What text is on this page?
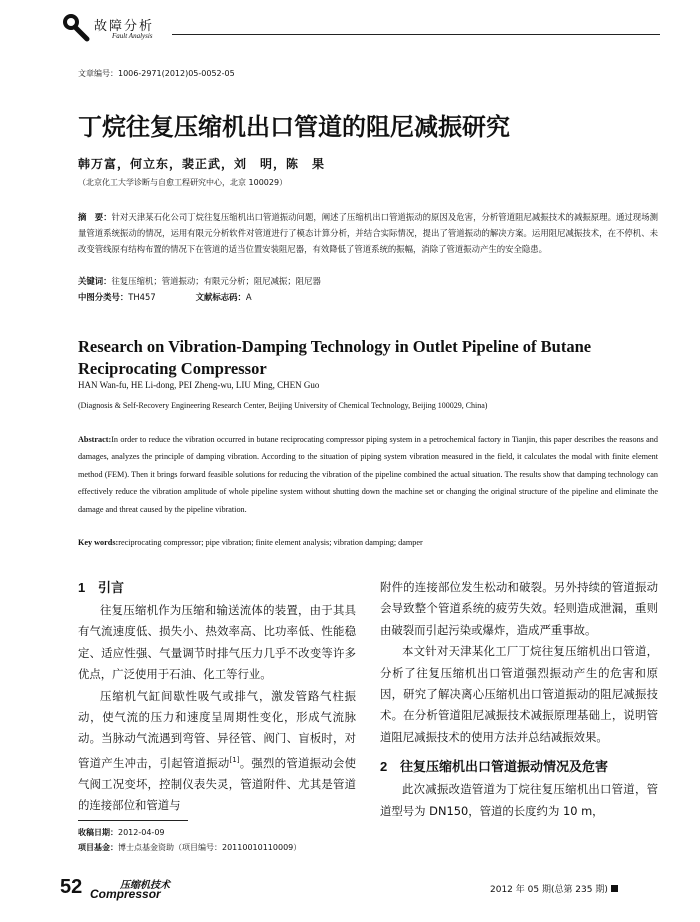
故障分析
Fault Analysis
文章编号：1006-2971(2012)05-0052-05
丁烷往复压缩机出口管道的阻尼减振研究
韩万富，何立东，裴正武，刘　明，陈　果
（北京化工大学诊断与自愈工程研究中心，北京 100029）
摘　要：针对天津某石化公司丁烷往复压缩机出口管道振动问题，阐述了压缩机出口管道振动的原因及危害，分析管道阻尼减振技术的减振原理。通过现场测量管道系统振动的情况，运用有限元分析软件对管道进行了模态计算分析，并结合实际情况，提出了管道振动的解决方案。运用阻尼减振技术，在不停机、未改变管线原有结构布置的情况下在管道的适当位置安装阻尼器，有效降低了管道系统的振幅，消除了管道振动产生的安全隐患。
关键词：往复压缩机；管道振动；有限元分析；阻尼减振；阻尼器
中图分类号：TH457	文献标志码：A
Research on Vibration-Damping Technology in Outlet Pipeline of Butane Reciprocating Compressor
HAN Wan-fu, HE Li-dong, PEI Zheng-wu, LIU Ming, CHEN Guo
(Diagnosis & Self-Recovery Engineering Research Center, Beijing University of Chemical Technology, Beijing 100029, China)
Abstract:In order to reduce the vibration occurred in butane reciprocating compressor piping system in a petrochemical factory in Tianjin, this paper describes the reasons and damages, analyzes the principle of damping vibration. According to the situation of piping system vibration measured in the field, it calculates the modal with finite element method (FEM). Then it brings forward feasible solutions for reducing the vibration of the pipeline combined the actual situation. The results show that damping technology can effectively reduce the vibration amplitude of whole pipeline system without shutting down the machine set or changing the original structure of the pipeline and eliminate the damage and threat caused by the pipeline vibration.
Key words:reciprocating compressor; pipe vibration; finite element analysis; vibration damping; damper
1 引言

往复压缩机作为压缩和输送流体的装置，由于其具有气流速度低、损失小、热效率高、比功率低、性能稳定、适应性强、气量调节时排气压力几乎不改变等许多优点，广泛使用于石油、化工等行业。

压缩机气缸间歇性吸气或排气，激发管路气柱振动，使气流的压力和速度呈周期性变化，形成气流脉动。当脉动气流遇到弯管、异径管、阀门、盲板时，对管道产生冲击，引起管道振动[1]。强烈的管道振动会使气阀工况变坏，控制仪表失灵，管道附件、尤其是管道的连接部位和管道与

附件的连接部位发生松动和破裂。另外持续的管道振动会导致整个管道系统的疲劳失效。轻则造成泄漏，重则由破裂而引起污染或爆炸，造成严重事故。

本文针对天津某化工厂丁烷往复压缩机出口管道，分析了往复压缩机出口管道强烈振动产生的危害和原因，研究了解决离心压缩机出口管道振动的阻尼减振技术。在分析管道阻尼减振技术减振原理基础上，说明管道阻尼减振技术的使用方法并总结减振效果。

2 往复压缩机出口管道振动情况及危害

此次减振改造管道为丁烷往复压缩机出口管道，管道型号为 DN150，管道的长度约为 10 m，

收稿日期：2012-04-09
项目基金：博士点基金资助（项目编号：20110010110009）
52	压缩机技术
Compressor	2012 年 05 期(总第 235 期)
